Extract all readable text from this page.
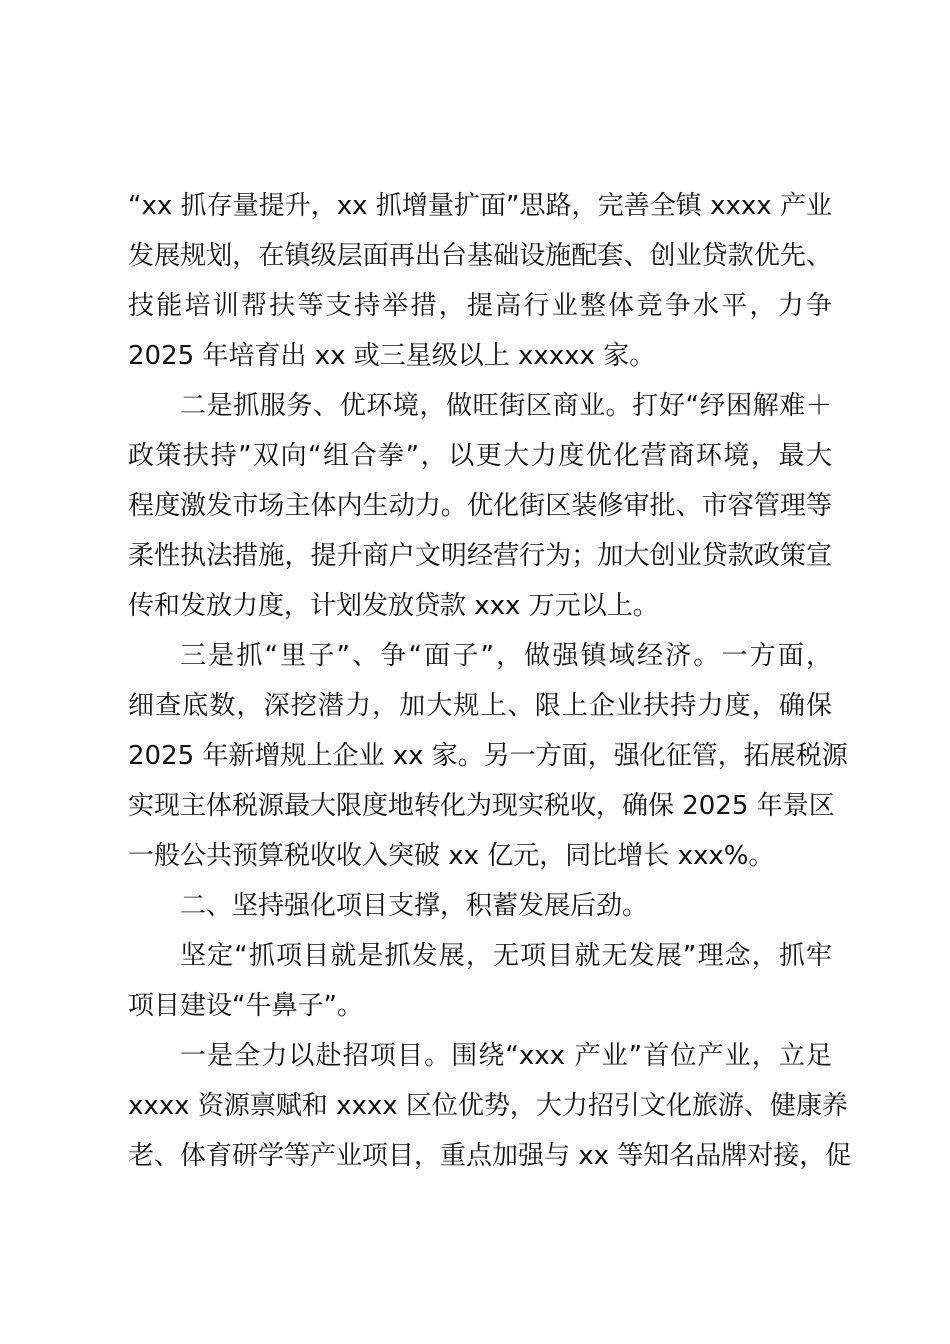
“xx 抓存量提升，xx 抓增量扩面”思路，完善全镇 xxxx 产业
发展规划，在镇级层面再出台基础设施配套、创业贷款优先、
技能培训帮扶等支持举措，提高行业整体竞争水平，力争
2025 年培育出 xx 或三星级以上 xxxxx 家。
二是抓服务、优环境，做旺街区商业。打好“纾困解难＋
政策扶持”双向“组合拳”，以更大力度优化营商环境，最大
程度激发市场主体内生动力。优化街区装修审批、市容管理等
柔性执法措施，提升商户文明经营行为；加大创业贷款政策宣
传和发放力度，计划发放贷款 xxx 万元以上。
三是抓“里子”、争“面子”，做强镇域经济。一方面，
细查底数，深挖潜力，加大规上、限上企业扶持力度，确保
2025 年新增规上企业 xx 家。另一方面，强化征管，拓展税源
实现主体税源最大限度地转化为现实税收，确保 2025 年景区
一般公共预算税收收入突破 xx 亿元，同比增长 xxx%。
二、坚持强化项目支撑，积蓄发展后劲。
坚定“抓项目就是抓发展，无项目就无发展”理念，抓牢
项目建设“牛鼻子”。
一是全力以赴招项目。围绕“xxx 产业”首位产业，立足
xxxx 资源禀赋和 xxxx 区位优势，大力招引文化旅游、健康养
老、体育研学等产业项目，重点加强与 xx 等知名品牌对接，促
